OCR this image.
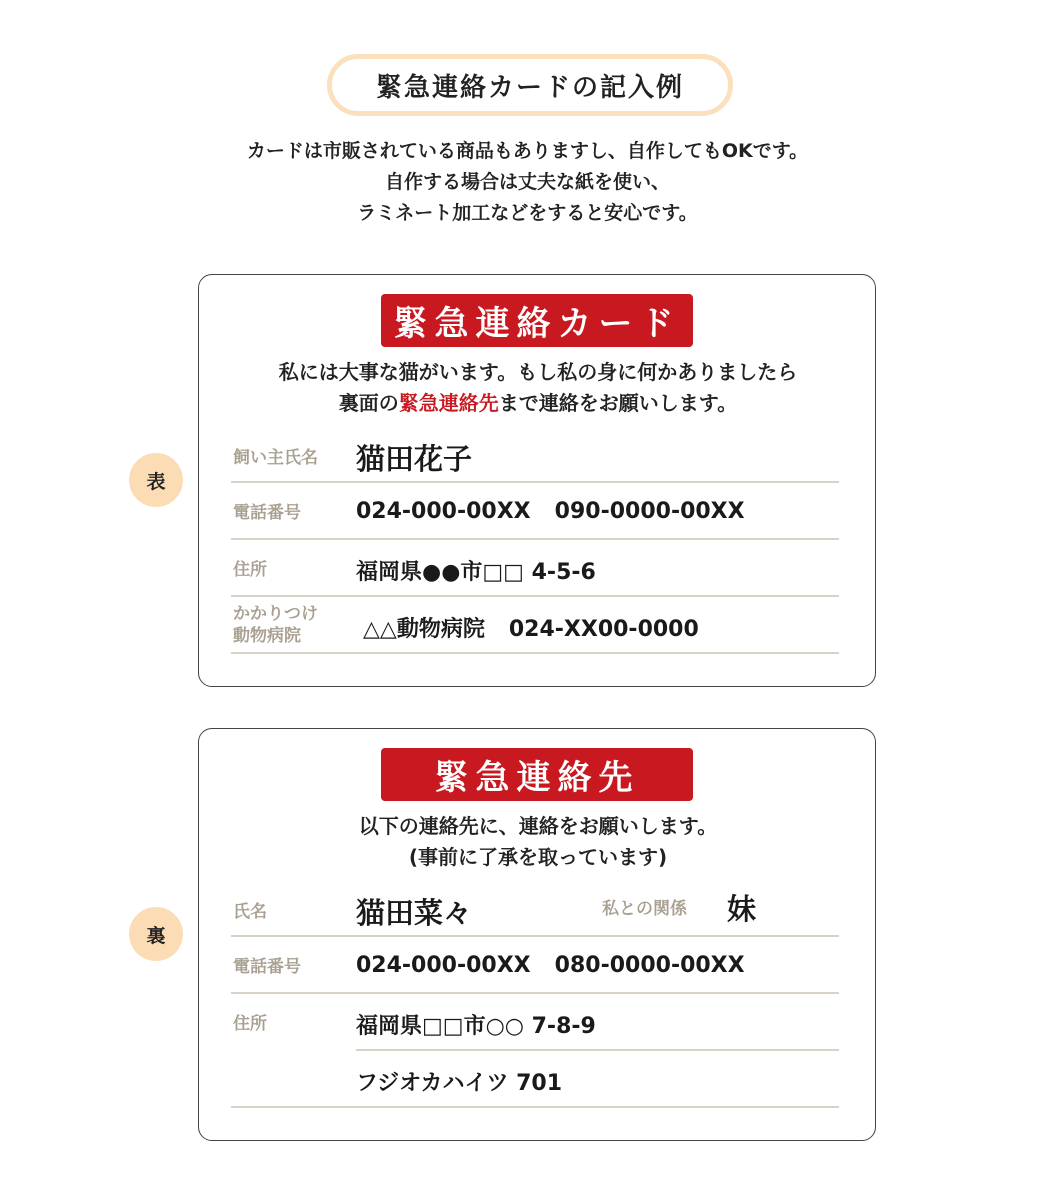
緊急連絡カードの記入例
カードは市販されている商品もありますし、自作してもOKです。
自作する場合は丈夫な紙を使い、
ラミネート加工などをすると安心です。
表
緊急連絡カード
私には大事な猫がいます。もし私の身に何かありましたら
裏面の緊急連絡先まで連絡をお願いします。
飼い主氏名 猫田花子
電話番号	024-000-00XX 090-0000-00XX
住所	福岡県●●市□□ 4-5-6
かかりつけ
動物病院	△△動物病院 024-XX00-0000
裏
緊急連絡先
以下の連絡先に、連絡をお願いします。
(事前に了承を取っています)
氏名	猫田菜々	私との関係 妹
電話番号	024-000-00XX 080-0000-00XX
住所	福岡県□□市○○ 7-8-9
フジオカハイツ 701
